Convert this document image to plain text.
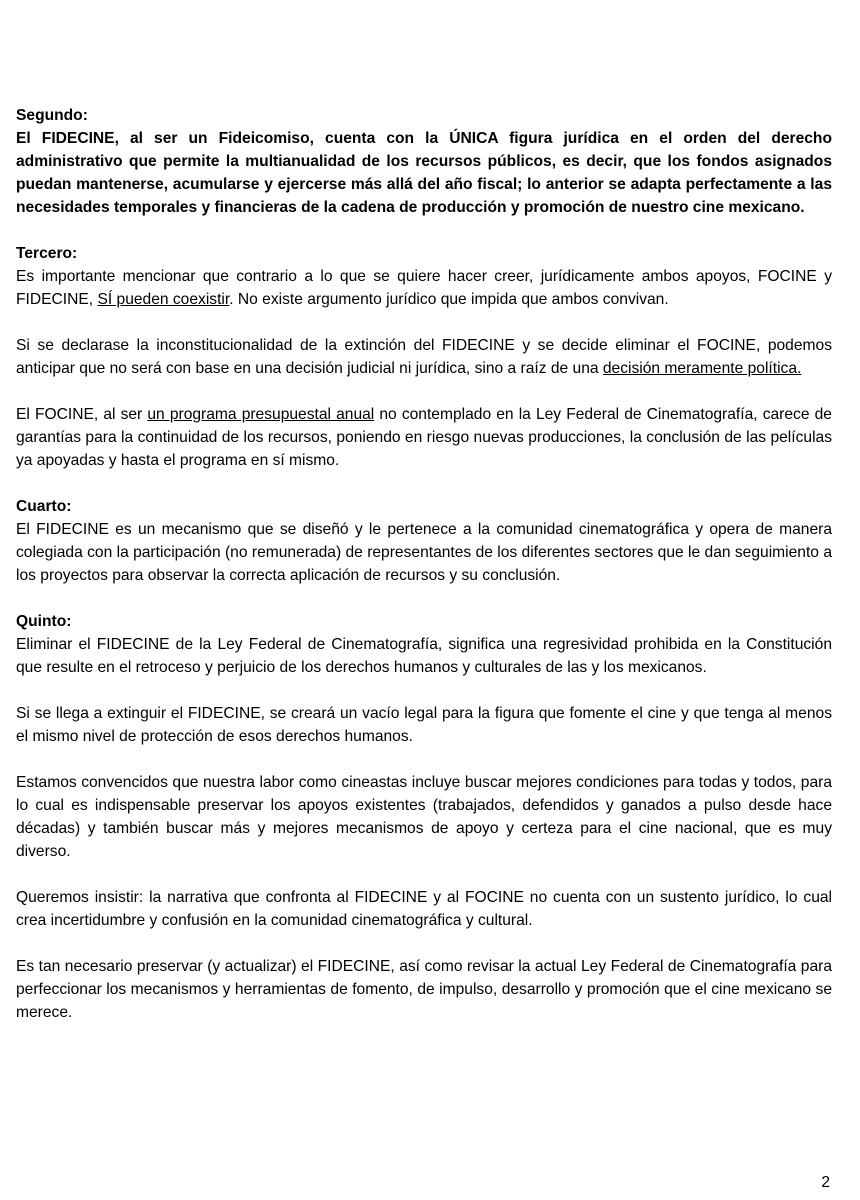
Segundo:

El FIDECINE, al ser un Fideicomiso, cuenta con la ÚNICA figura jurídica en el orden del derecho administrativo que permite la multianualidad de los recursos públicos, es decir, que los fondos asignados puedan mantenerse, acumularse y ejercerse más allá del año fiscal; lo anterior se adapta perfectamente a las necesidades temporales y financieras de la cadena de producción y promoción de nuestro cine mexicano.

Tercero:

Es importante mencionar que contrario a lo que se quiere hacer creer, jurídicamente ambos apoyos, FOCINE y FIDECINE, SÍ pueden coexistir. No existe argumento jurídico que impida que ambos convivan.

Si se declarase la inconstitucionalidad de la extinción del FIDECINE y se decide eliminar el FOCINE, podemos anticipar que no será con base en una decisión judicial ni jurídica, sino a raíz de una decisión meramente política.

El FOCINE, al ser un programa presupuestal anual no contemplado en la Ley Federal de Cinematografía, carece de garantías para la continuidad de los recursos, poniendo en riesgo nuevas producciones, la conclusión de las películas ya apoyadas y hasta el programa en sí mismo.

Cuarto:

El FIDECINE es un mecanismo que se diseñó y le pertenece a la comunidad cinematográfica y opera de manera colegiada con la participación (no remunerada) de representantes de los diferentes sectores que le dan seguimiento a los proyectos para observar la correcta aplicación de recursos y su conclusión.

Quinto:

Eliminar el FIDECINE de la Ley Federal de Cinematografía, significa una regresividad prohibida en la Constitución que resulte en el retroceso y perjuicio de los derechos humanos y culturales de las y los mexicanos.

Si se llega a extinguir el FIDECINE, se creará un vacío legal para la figura que fomente el cine y que tenga al menos el mismo nivel de protección de esos derechos humanos.

Estamos convencidos que nuestra labor como cineastas incluye buscar mejores condiciones para todas y todos, para lo cual es indispensable preservar los apoyos existentes (trabajados, defendidos y ganados a pulso desde hace décadas) y también buscar más y mejores mecanismos de apoyo y certeza para el cine nacional, que es muy diverso.

Queremos insistir: la narrativa que confronta al FIDECINE y al FOCINE no cuenta con un sustento jurídico, lo cual crea incertidumbre y confusión en la comunidad cinematográfica y cultural.

Es tan necesario preservar (y actualizar) el FIDECINE, así como revisar la actual Ley Federal de Cinematografía para perfeccionar los mecanismos y herramientas de fomento, de impulso, desarrollo y promoción que el cine mexicano se merece.

2
